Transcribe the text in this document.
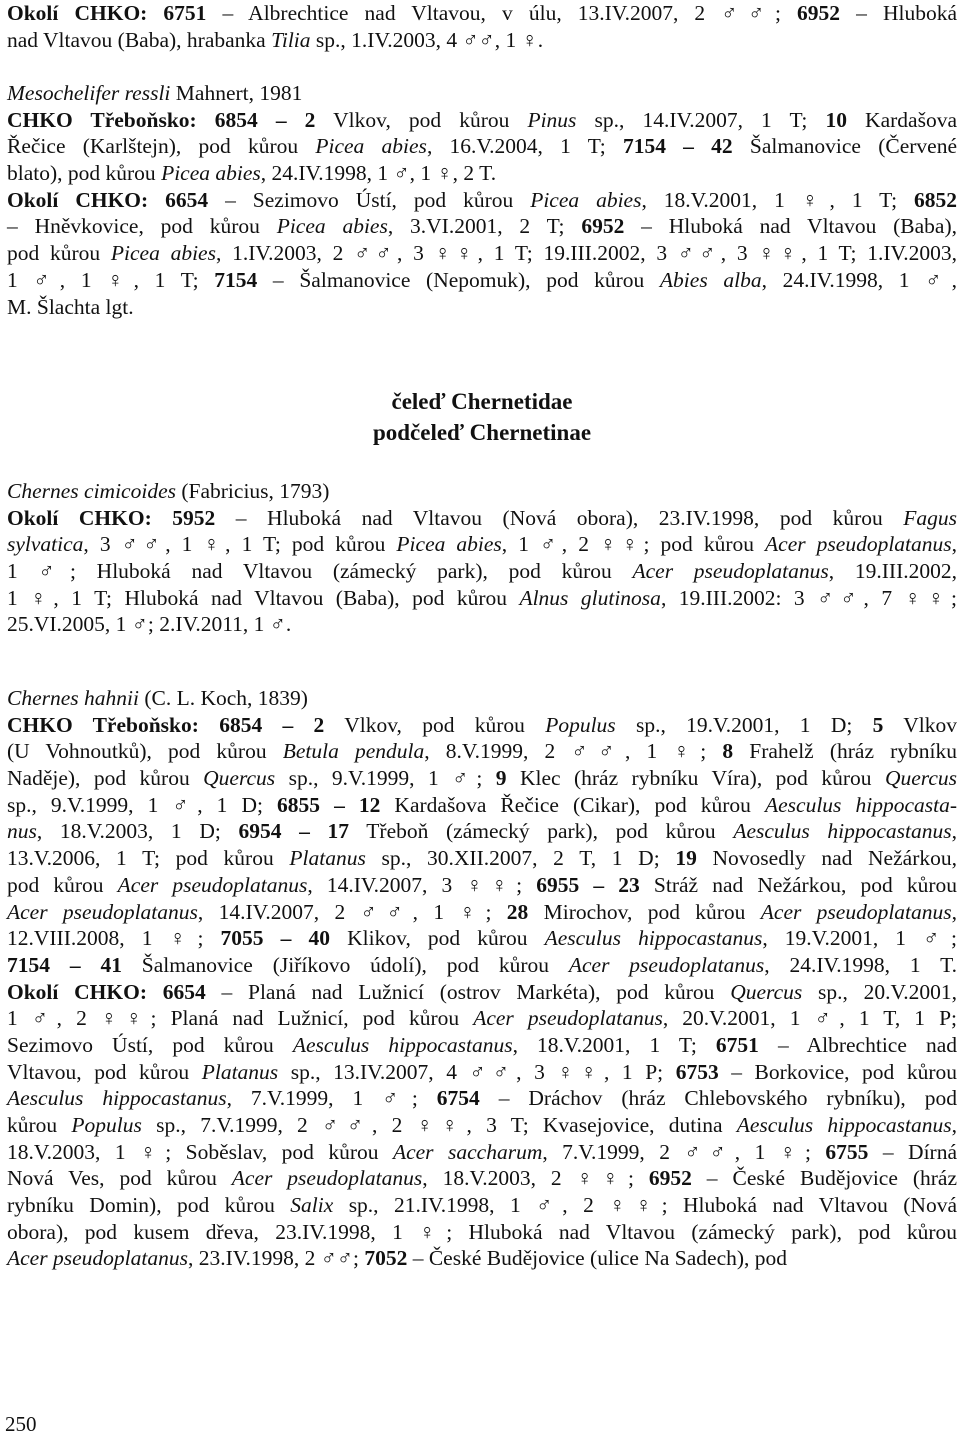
Okolí CHKO: 6751 – Albrechtice nad Vltavou, v úlu, 13.IV.2007, 2 ♂♂; 6952 – Hluboká
nad Vltavou (Baba), hrabanka Tilia sp., 1.IV.2003, 4 ♂♂, 1 ♀.
Mesochelifer ressli Mahnert, 1981
CHKO Třeboňsko: 6854 – 2 Vlkov, pod kůrou Pinus sp., 14.IV.2007, 1 T; 10 Kardašova
Řečice (Karlštejn), pod kůrou Picea abies, 16.V.2004, 1 T; 7154 – 42 Šalmanovice (Červené
blato), pod kůrou Picea abies, 24.IV.1998, 1 ♂, 1 ♀, 2 T.
Okolí CHKO: 6654 – Sezimovo Ústí, pod kůrou Picea abies, 18.V.2001, 1 ♀, 1 T; 6852
– Hněvkovice, pod kůrou Picea abies, 3.VI.2001, 2 T; 6952 – Hluboká nad Vltavou (Baba),
pod kůrou Picea abies, 1.IV.2003, 2 ♂♂, 3 ♀♀, 1 T; 19.III.2002, 3 ♂♂, 3 ♀♀, 1 T; 1.IV.2003,
1 ♂, 1 ♀, 1 T; 7154 – Šalmanovice (Nepomuk), pod kůrou Abies alba, 24.IV.1998, 1 ♂,
M. Šlachta lgt.
čeleď Chernetidae
podčeleď Chernetinae
Chernes cimicoides (Fabricius, 1793)
Okolí CHKO: 5952 – Hluboká nad Vltavou (Nová obora), 23.IV.1998, pod kůrou Fagus
sylvatica, 3 ♂♂, 1 ♀, 1 T; pod kůrou Picea abies, 1 ♂, 2 ♀♀; pod kůrou Acer pseudoplatanus,
1 ♂; Hluboká nad Vltavou (zámecký park), pod kůrou Acer pseudoplatanus, 19.III.2002,
1 ♀, 1 T; Hluboká nad Vltavou (Baba), pod kůrou Alnus glutinosa, 19.III.2002: 3 ♂♂, 7 ♀♀;
25.VI.2005, 1 ♂; 2.IV.2011, 1 ♂.
Chernes hahnii (C. L. Koch, 1839)
CHKO Třeboňsko: 6854 – 2 Vlkov, pod kůrou Populus sp., 19.V.2001, 1 D; 5 Vlkov
(U Vohnoutků), pod kůrou Betula pendula, 8.V.1999, 2 ♂♂, 1 ♀; 8 Frahelž (hráz rybníku
Naděje), pod kůrou Quercus sp., 9.V.1999, 1 ♂; 9 Klec (hráz rybníku Víra), pod kůrou Quercus
sp., 9.V.1999, 1 ♂, 1 D; 6855 – 12 Kardašova Řečice (Cikar), pod kůrou Aesculus hippocasta-
nus, 18.V.2003, 1 D; 6954 – 17 Třeboň (zámecký park), pod kůrou Aesculus hippocastanus,
13.V.2006, 1 T; pod kůrou Platanus sp., 30.XII.2007, 2 T, 1 D; 19 Novosedly nad Nežárkou,
pod kůrou Acer pseudoplatanus, 14.IV.2007, 3 ♀♀; 6955 – 23 Stráž nad Nežárkou, pod kůrou
Acer pseudoplatanus, 14.IV.2007, 2 ♂♂, 1 ♀; 28 Mirochov, pod kůrou Acer pseudoplatanus,
12.VIII.2008, 1 ♀; 7055 – 40 Klikov, pod kůrou Aesculus hippocastanus, 19.V.2001, 1 ♂;
7154 – 41 Šalmanovice (Jiříkovo údolí), pod kůrou Acer pseudoplatanus, 24.IV.1998, 1 T.
Okolí CHKO: 6654 – Planá nad Lužnicí (ostrov Markéta), pod kůrou Quercus sp., 20.V.2001,
1 ♂, 2 ♀♀; Planá nad Lužnicí, pod kůrou Acer pseudoplatanus, 20.V.2001, 1 ♂, 1 T, 1 P;
Sezimovo Ústí, pod kůrou Aesculus hippocastanus, 18.V.2001, 1 T; 6751 – Albrechtice nad
Vltavou, pod kůrou Platanus sp., 13.IV.2007, 4 ♂♂, 3 ♀♀, 1 P; 6753 – Borkovice, pod kůrou
Aesculus hippocastanus, 7.V.1999, 1 ♂; 6754 – Dráchov (hráz Chlebovského rybníku), pod
kůrou Populus sp., 7.V.1999, 2 ♂♂, 2 ♀♀, 3 T; Kvasejovice, dutina Aesculus hippocastanus,
18.V.2003, 1 ♀; Soběslav, pod kůrou Acer saccharum, 7.V.1999, 2 ♂♂, 1 ♀; 6755 – Dírná
Nová Ves, pod kůrou Acer pseudoplatanus, 18.V.2003, 2 ♀♀; 6952 – České Budějovice (hráz
rybníku Domin), pod kůrou Salix sp., 21.IV.1998, 1 ♂, 2 ♀♀; Hluboká nad Vltavou (Nová
obora), pod kusem dřeva, 23.IV.1998, 1 ♀; Hluboká nad Vltavou (zámecký park), pod kůrou
Acer pseudoplatanus, 23.IV.1998, 2 ♂♂; 7052 – České Budějovice (ulice Na Sadech), pod
250
